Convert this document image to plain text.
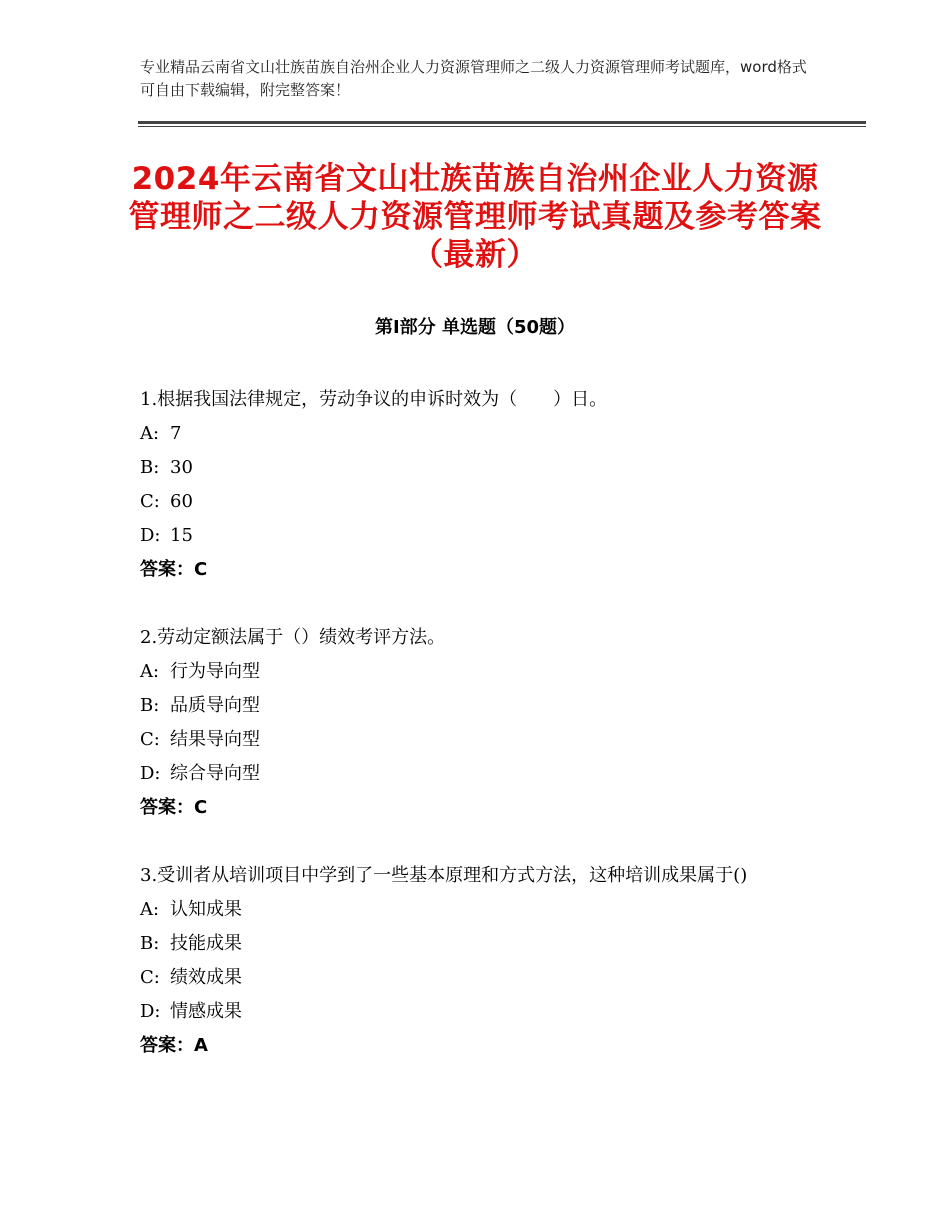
专业精品云南省文山壮族苗族自治州企业人力资源管理师之二级人力资源管理师考试题库，word格式可自由下载编辑，附完整答案！
2024年云南省文山壮族苗族自治州企业人力资源管理师之二级人力资源管理师考试真题及参考答案（最新）
第Ⅰ部分 单选题（50题）

1.根据我国法律规定，劳动争议的申诉时效为（　　）日。

A: 7

B: 30

C: 60

D: 15

答案：C

2.劳动定额法属于（）绩效考评方法。

A: 行为导向型

B: 品质导向型

C: 结果导向型

D: 综合导向型

答案：C

3.受训者从培训项目中学到了一些基本原理和方式方法，这种培训成果属于()

A: 认知成果

B: 技能成果

C: 绩效成果

D: 情感成果

答案：A
